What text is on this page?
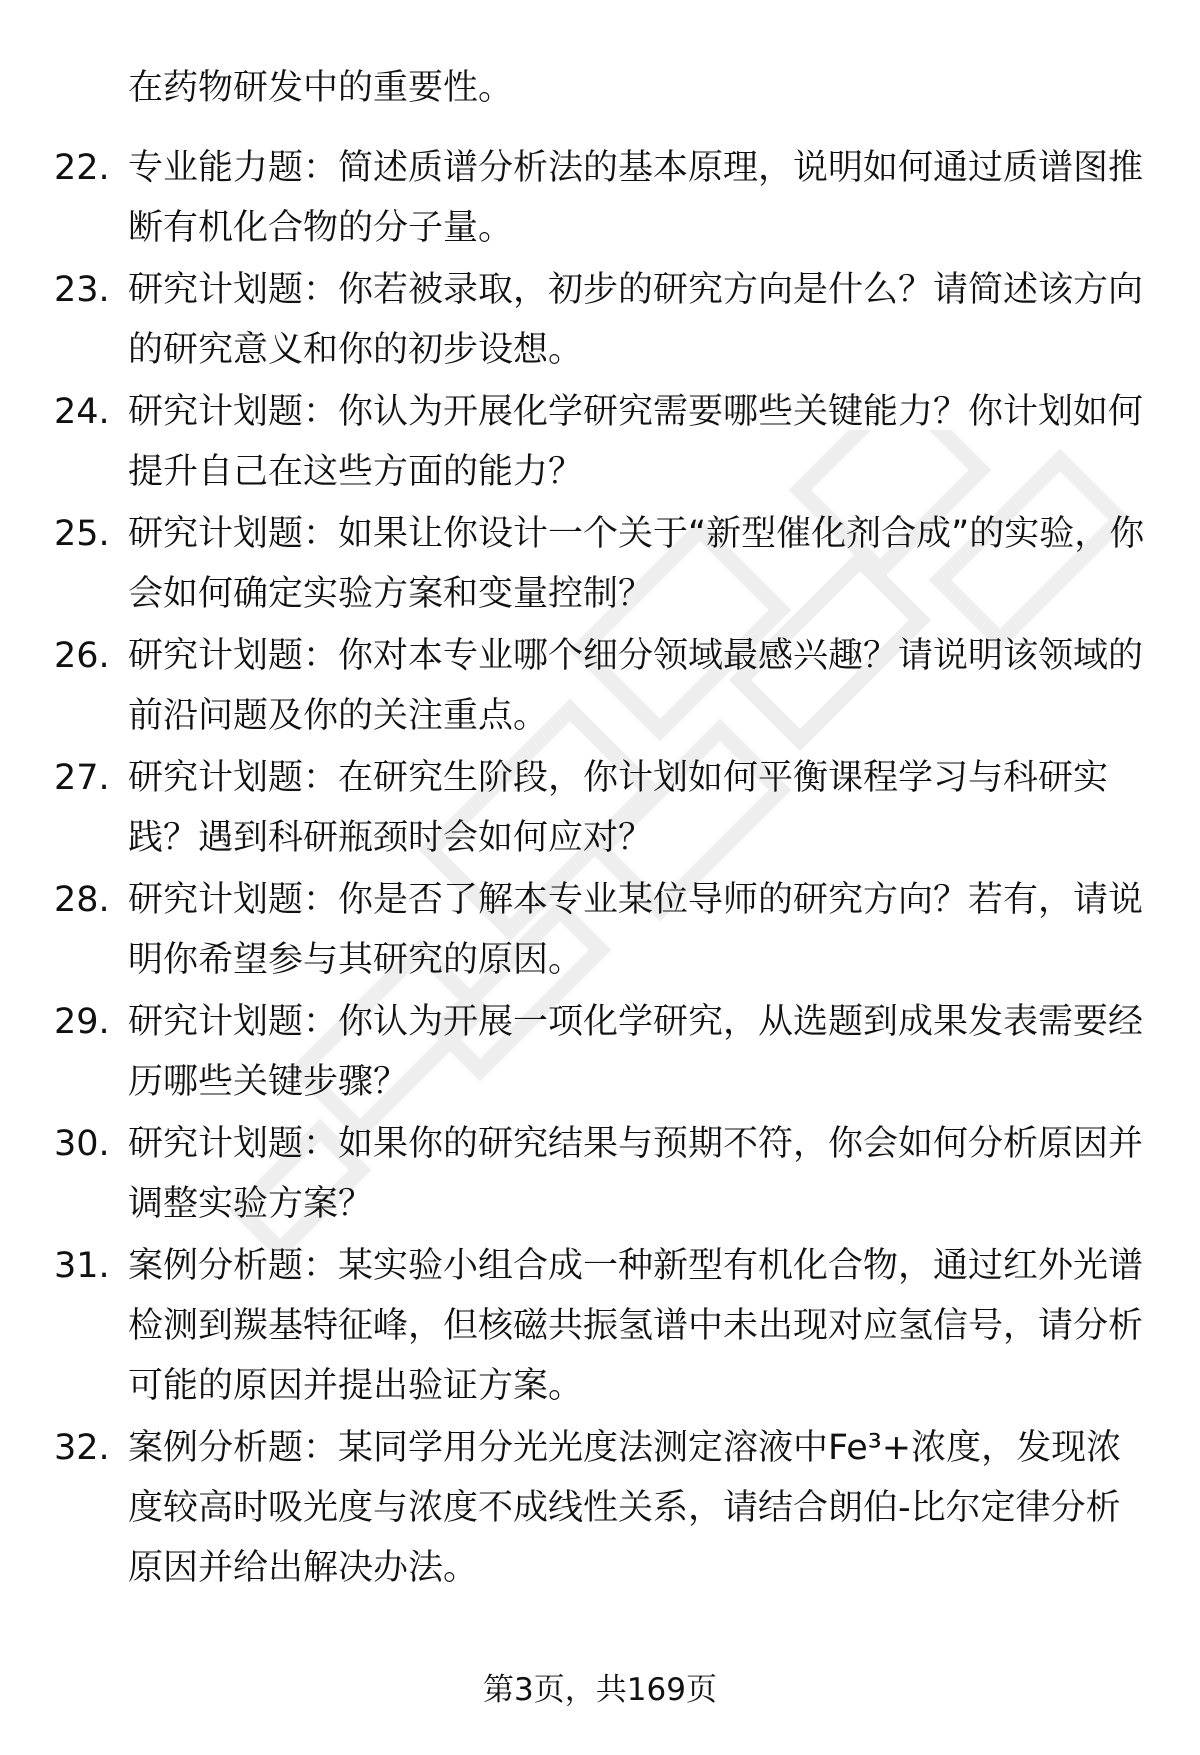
在药物研发中的重要性。
22. 专业能力题：简述质谱分析法的基本原理，说明如何通过质谱图推断有机化合物的分子量。
23. 研究计划题：你若被录取，初步的研究方向是什么？请简述该方向的研究意义和你的初步设想。
24. 研究计划题：你认为开展化学研究需要哪些关键能力？你计划如何提升自己在这些方面的能力？
25. 研究计划题：如果让你设计一个关于“新型催化剂合成”的实验，你会如何确定实验方案和变量控制？
26. 研究计划题：你对本专业哪个细分领域最感兴趣？请说明该领域的前沿问题及你的关注重点。
27. 研究计划题：在研究生阶段，你计划如何平衡课程学习与科研实践？遇到科研瓶颈时会如何应对？
28. 研究计划题：你是否了解本专业某位导师的研究方向？若有，请说明你希望参与其研究的原因。
29. 研究计划题：你认为开展一项化学研究，从选题到成果发表需要经历哪些关键步骤？
30. 研究计划题：如果你的研究结果与预期不符，你会如何分析原因并调整实验方案？
31. 案例分析题：某实验小组合成一种新型有机化合物，通过红外光谱检测到羰基特征峰，但核磁共振氢谱中未出现对应氢信号，请分析可能的原因并提出验证方案。
32. 案例分析题：某同学用分光光度法测定溶液中Fe³+浓度，发现浓度较高时吸光度与浓度不成线性关系，请结合朗伯-比尔定律分析原因并给出解决办法。
第3页，共169页
